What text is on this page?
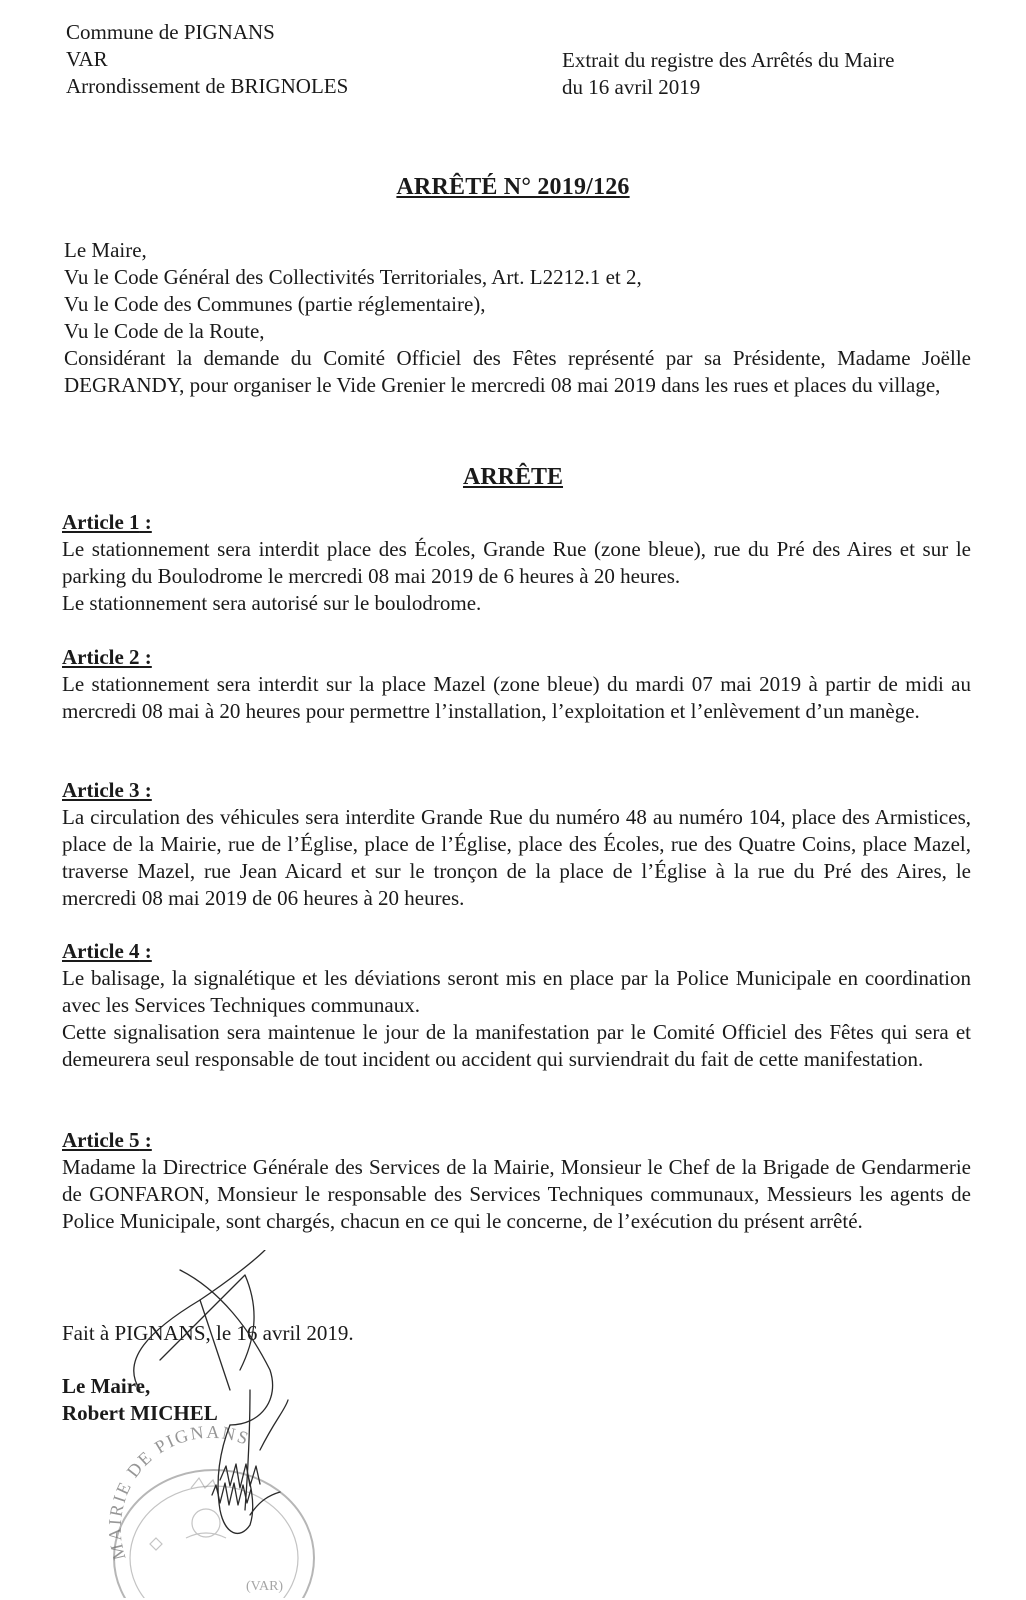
Commune de PIGNANS
VAR
Arrondissement de BRIGNOLES
Extrait du registre des Arrêtés du Maire
du 16 avril 2019
ARRÊTÉ N° 2019/126

Le Maire,

Vu le Code Général des Collectivités Territoriales, Art. L2212.1 et 2,

Vu le Code des Communes (partie réglementaire),

Vu le Code de la Route,

Considérant la demande du Comité Officiel des Fêtes représenté par sa Présidente, Madame Joëlle DEGRANDY, pour organiser le Vide Grenier le mercredi 08 mai 2019 dans les rues et places du village,

ARRÊTE
Article 1 :

Le stationnement sera interdit place des Écoles, Grande Rue (zone bleue), rue du Pré des Aires et sur le parking du Boulodrome le mercredi 08 mai 2019 de 6 heures à 20 heures.

Le stationnement sera autorisé sur le boulodrome.

Article 2 :

Le stationnement sera interdit sur la place Mazel (zone bleue) du mardi 07 mai 2019 à partir de midi au mercredi 08 mai à 20 heures pour permettre l’installation, l’exploitation et l’enlèvement d’un manège.

Article 3 :

La circulation des véhicules sera interdite Grande Rue du numéro 48 au numéro 104, place des Armistices, place de la Mairie, rue de l’Église, place de l’Église, place des Écoles, rue des Quatre Coins, place Mazel, traverse Mazel, rue Jean Aicard et sur le tronçon de la place de l’Église à la rue du Pré des Aires, le mercredi 08 mai 2019 de 06 heures à 20 heures.

Article 4 :

Le balisage, la signalétique et les déviations seront mis en place par la Police Municipale en coordination avec les Services Techniques communaux.

Cette signalisation sera maintenue le jour de la manifestation par le Comité Officiel des Fêtes qui sera et demeurera seul responsable de tout incident ou accident qui surviendrait du fait de cette manifestation.

Article 5 :

Madame la Directrice Générale des Services de la Mairie, Monsieur le Chef de la Brigade de Gendarmerie de GONFARON, Monsieur le responsable des Services Techniques communaux, Messieurs les agents de Police Municipale, sont chargés, chacun en ce qui le concerne, de l’exécution du présent arrêté.

Fait à PIGNANS, le 16 avril 2019.
Le Maire,
Robert MICHEL
MAIRIE DE PIGNANS
(VAR)
